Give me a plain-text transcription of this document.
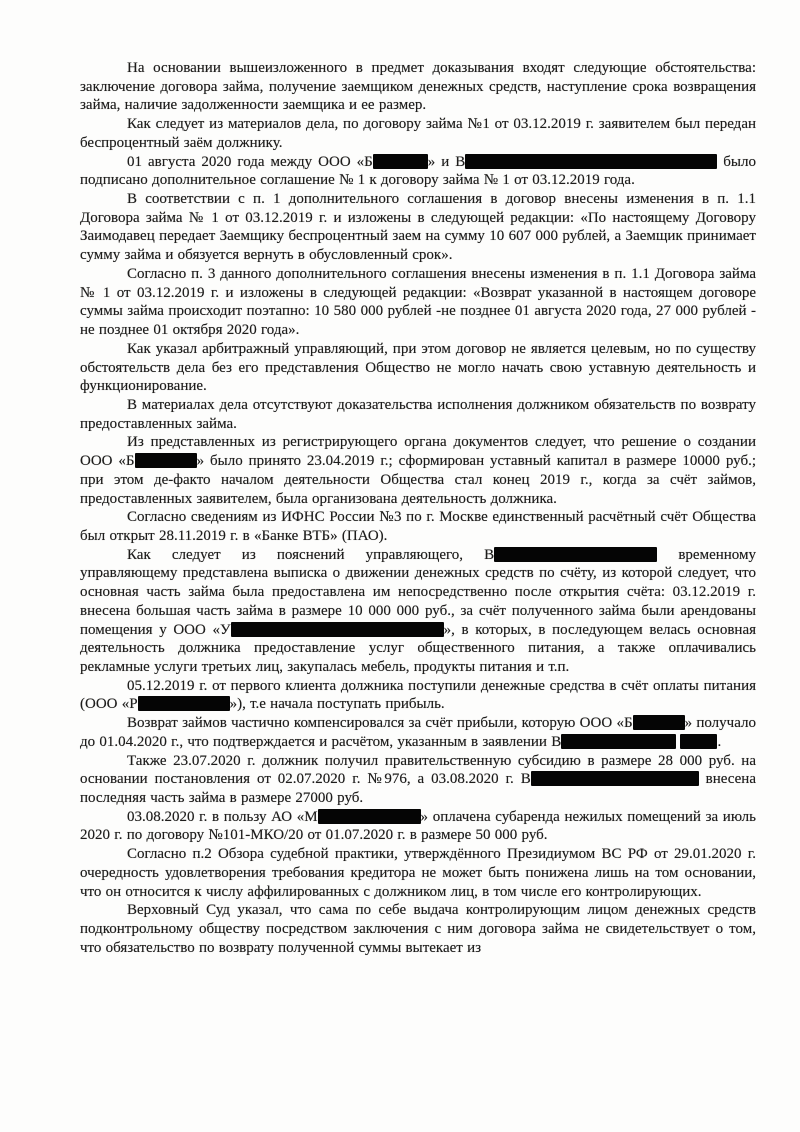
На основании вышеизложенного в предмет доказывания входят следующие обстоятельства: заключение договора займа, получение заемщиком денежных средств, наступление срока возвращения займа, наличие задолженности заемщика и ее размер.

Как следует из материалов дела, по договору займа №1 от 03.12.2019 г. заявителем был передан беспроцентный заём должнику.

01 августа 2020 года между ООО «Б	» и В	было подписано дополнительное соглашение № 1 к договору займа № 1 от 03.12.2019 года.

В соответствии с п. 1 дополнительного соглашения в договор внесены изменения в п. 1.1 Договора займа № 1 от 03.12.2019 г. и изложены в следующей редакции: «По настоящему Договору Заимодавец передает Заемщику беспроцентный заем на сумму 10 607 000 рублей, а Заемщик принимает сумму займа и обязуется вернуть в обусловленный срок».

Согласно п. 3 данного дополнительного соглашения внесены изменения в п. 1.1 Договора займа № 1 от 03.12.2019 г. и изложены в следующей редакции: «Возврат указанной в настоящем договоре суммы займа происходит поэтапно: 10 580 000 рублей -не позднее 01 августа 2020 года, 27 000 рублей - не позднее 01 октября 2020 года».

Как указал арбитражный управляющий, при этом договор не является целевым, но по существу обстоятельств дела без его представления Общество не могло начать свою уставную деятельность и функционирование.

В материалах дела отсутствуют доказательства исполнения должником обязательств по возврату предоставленных займа.

Из представленных из регистрирующего органа документов следует, что решение о создании ООО «Б	» было принято 23.04.2019 г.; сформирован уставный капитал в размере 10000 руб.; при этом де-факто началом деятельности Общества стал конец 2019 г., когда за счёт займов, предоставленных заявителем, была организована деятельность должника.

Согласно сведениям из ИФНС России №3 по г. Москве единственный расчётный счёт Общества был открыт 28.11.2019 г. в «Банке ВТБ» (ПАО).

Как следует из пояснений управляющего, В	временному управляющему представлена выписка о движении денежных средств по счёту, из которой следует, что основная часть займа была предоставлена им непосредственно после открытия счёта: 03.12.2019 г. внесена большая часть займа в размере 10 000 000 руб., за счёт полученного займа были арендованы помещения у ООО «У	», в которых, в последующем велась основная деятельность должника предоставление услуг общественного питания, а также оплачивались рекламные услуги третьих лиц, закупалась мебель, продукты питания и т.п.

05.12.2019 г. от первого клиента должника поступили денежные средства в счёт оплаты питания (ООО «Р	»), т.е начала поступать прибыль.

Возврат займов частично компенсировался за счёт прибыли, которую ООО «Б	» получало до 01.04.2020 г., что подтверждается и расчётом, указанным в заявлении В	.

Также 23.07.2020 г. должник получил правительственную субсидию в размере 28 000 руб. на основании постановления от 02.07.2020 г. №976, а 03.08.2020 г. В	внесена последняя часть займа в размере 27000 руб.

03.08.2020 г. в пользу АО «М	» оплачена субаренда нежилых помещений за июль 2020 г. по договору №101-МКО/20 от 01.07.2020 г. в размере 50 000 руб.

Согласно п.2 Обзора судебной практики, утверждённого Президиумом ВС РФ от 29.01.2020 г. очередность удовлетворения требования кредитора не может быть понижена лишь на том основании, что он относится к числу аффилированных с должником лиц, в том числе его контролирующих.

Верховный Суд указал, что сама по себе выдача контролирующим лицом денежных средств подконтрольному обществу посредством заключения с ним договора займа не свидетельствует о том, что обязательство по возврату полученной суммы вытекает из
